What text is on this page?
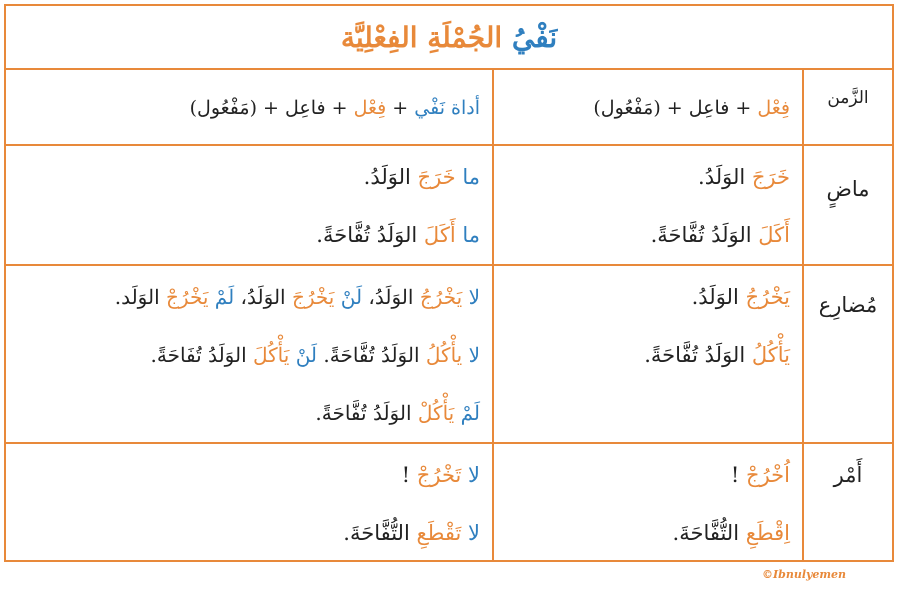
نَفْيُ الجُمْلَةِ الفِعْلِيَّة
الزَّمن
فِعْل + فاعِل + (مَفْعُول)
أداة نَفْي + فِعْل + فاعِل + (مَفْعُول)
ماضٍ
خَرَجَ الوَلَدُ.
أَكَلَ الوَلَدُ تُفَّاحَةً.
ما خَرَجَ الوَلَدُ.
ما أَكَلَ الوَلَدُ تُفَّاحَةً.
مُضارِع
يَخْرُجُ الوَلَدُ.
يَأْكُلُ الوَلَدُ تُفَّاحَةً.
لا يَخْرُجُ الوَلَدُ، لَنْ يَخْرُجَ الوَلَدُ، لَمْ يَخْرُجْ الوَلَد.
لا يأْكُلُ الوَلَدُ تُفَّاحَةً. لَنْ يَأْكُلَ الوَلَدُ تُفَاحَةً.
لَمْ يَأْكُلْ الوَلَدُ تُفَّاحَةً.
أَمْر
اُخْرُجْ !
اِقْطَعِ التُّفَّاحَةَ.
لا تَخْرُجْ !
لا تَقْطَعِ التُّفَّاحَةَ.
©Ibnulyemen
